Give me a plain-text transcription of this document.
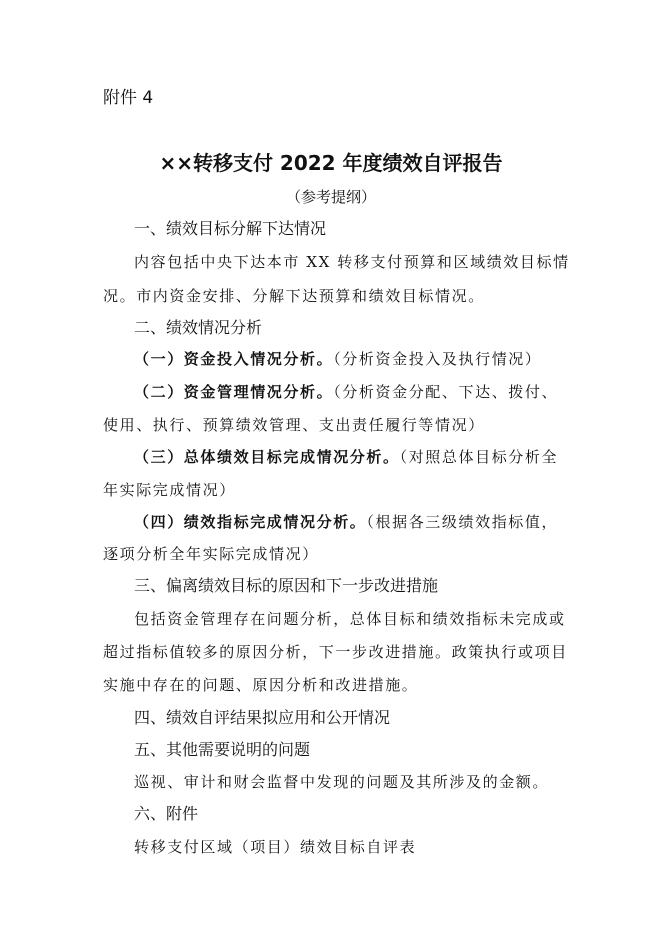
附件 4
××转移支付 2022 年度绩效自评报告
（参考提纲）
一、绩效目标分解下达情况
内容包括中央下达本市 XX 转移支付预算和区域绩效目标情
况。市内资金安排、分解下达预算和绩效目标情况。
二、绩效情况分析
（一）资金投入情况分析。（分析资金投入及执行情况）
（二）资金管理情况分析。（分析资金分配、下达、拨付、
使用、执行、预算绩效管理、支出责任履行等情况）
（三）总体绩效目标完成情况分析。（对照总体目标分析全
年实际完成情况）
（四）绩效指标完成情况分析。（根据各三级绩效指标值，
逐项分析全年实际完成情况）
三、偏离绩效目标的原因和下一步改进措施
包括资金管理存在问题分析，总体目标和绩效指标未完成或
超过指标值较多的原因分析，下一步改进措施。政策执行或项目
实施中存在的问题、原因分析和改进措施。
四、绩效自评结果拟应用和公开情况
五、其他需要说明的问题
巡视、审计和财会监督中发现的问题及其所涉及的金额。
六、附件
转移支付区域（项目）绩效目标自评表
